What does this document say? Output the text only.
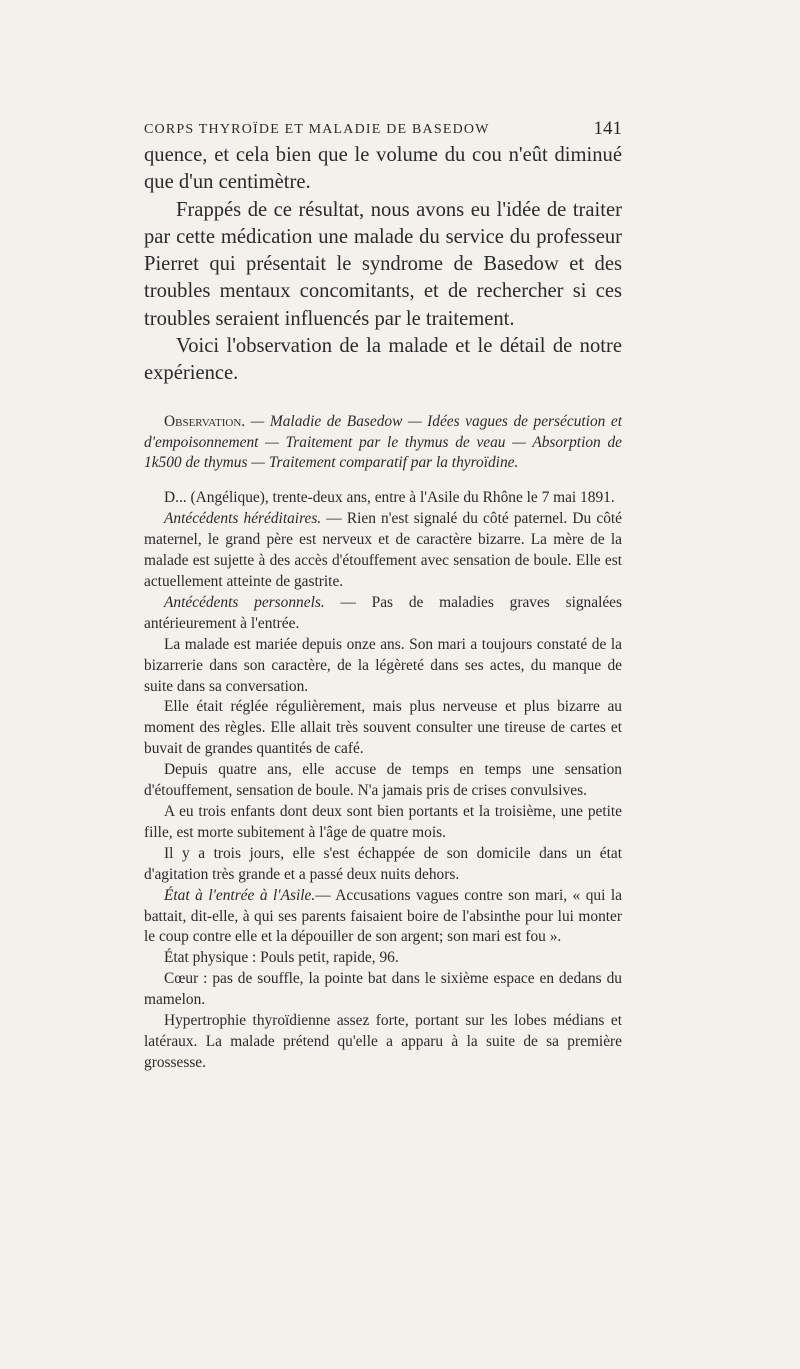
CORPS THYROÏDE ET MALADIE DE BASEDOW	141

quence, et cela bien que le volume du cou n'eût diminué que d'un centimètre.

Frappés de ce résultat, nous avons eu l'idée de traiter par cette médication une malade du service du professeur Pierret qui présentait le syndrome de Basedow et des troubles mentaux concomitants, et de rechercher si ces troubles seraient influencés par le traitement.

Voici l'observation de la malade et le détail de notre expérience.

Observation. — Maladie de Basedow — Idées vagues de persécution et d'empoisonnement — Traitement par le thymus de veau — Absorption de 1k500 de thymus — Traitement comparatif par la thyroïdine.

D... (Angélique), trente-deux ans, entre à l'Asile du Rhône le 7 mai 1891.

Antécédents héréditaires. — Rien n'est signalé du côté paternel. Du côté maternel, le grand père est nerveux et de caractère bizarre. La mère de la malade est sujette à des accès d'étouffement avec sensation de boule. Elle est actuellement atteinte de gastrite.

Antécédents personnels. — Pas de maladies graves signalées antérieurement à l'entrée.

La malade est mariée depuis onze ans. Son mari a toujours constaté de la bizarrerie dans son caractère, de la légèreté dans ses actes, du manque de suite dans sa conversation.

Elle était réglée régulièrement, mais plus nerveuse et plus bizarre au moment des règles. Elle allait très souvent consulter une tireuse de cartes et buvait de grandes quantités de café.

Depuis quatre ans, elle accuse de temps en temps une sensation d'étouffement, sensation de boule. N'a jamais pris de crises convulsives.

A eu trois enfants dont deux sont bien portants et la troisième, une petite fille, est morte subitement à l'âge de quatre mois.

Il y a trois jours, elle s'est échappée de son domicile dans un état d'agitation très grande et a passé deux nuits dehors.

État à l'entrée à l'Asile.— Accusations vagues contre son mari, « qui la battait, dit-elle, à qui ses parents faisaient boire de l'absinthe pour lui monter le coup contre elle et la dépouiller de son argent; son mari est fou ».

État physique : Pouls petit, rapide, 96.

Cœur : pas de souffle, la pointe bat dans le sixième espace en dedans du mamelon.

Hypertrophie thyroïdienne assez forte, portant sur les lobes médians et latéraux. La malade prétend qu'elle a apparu à la suite de sa première grossesse.
